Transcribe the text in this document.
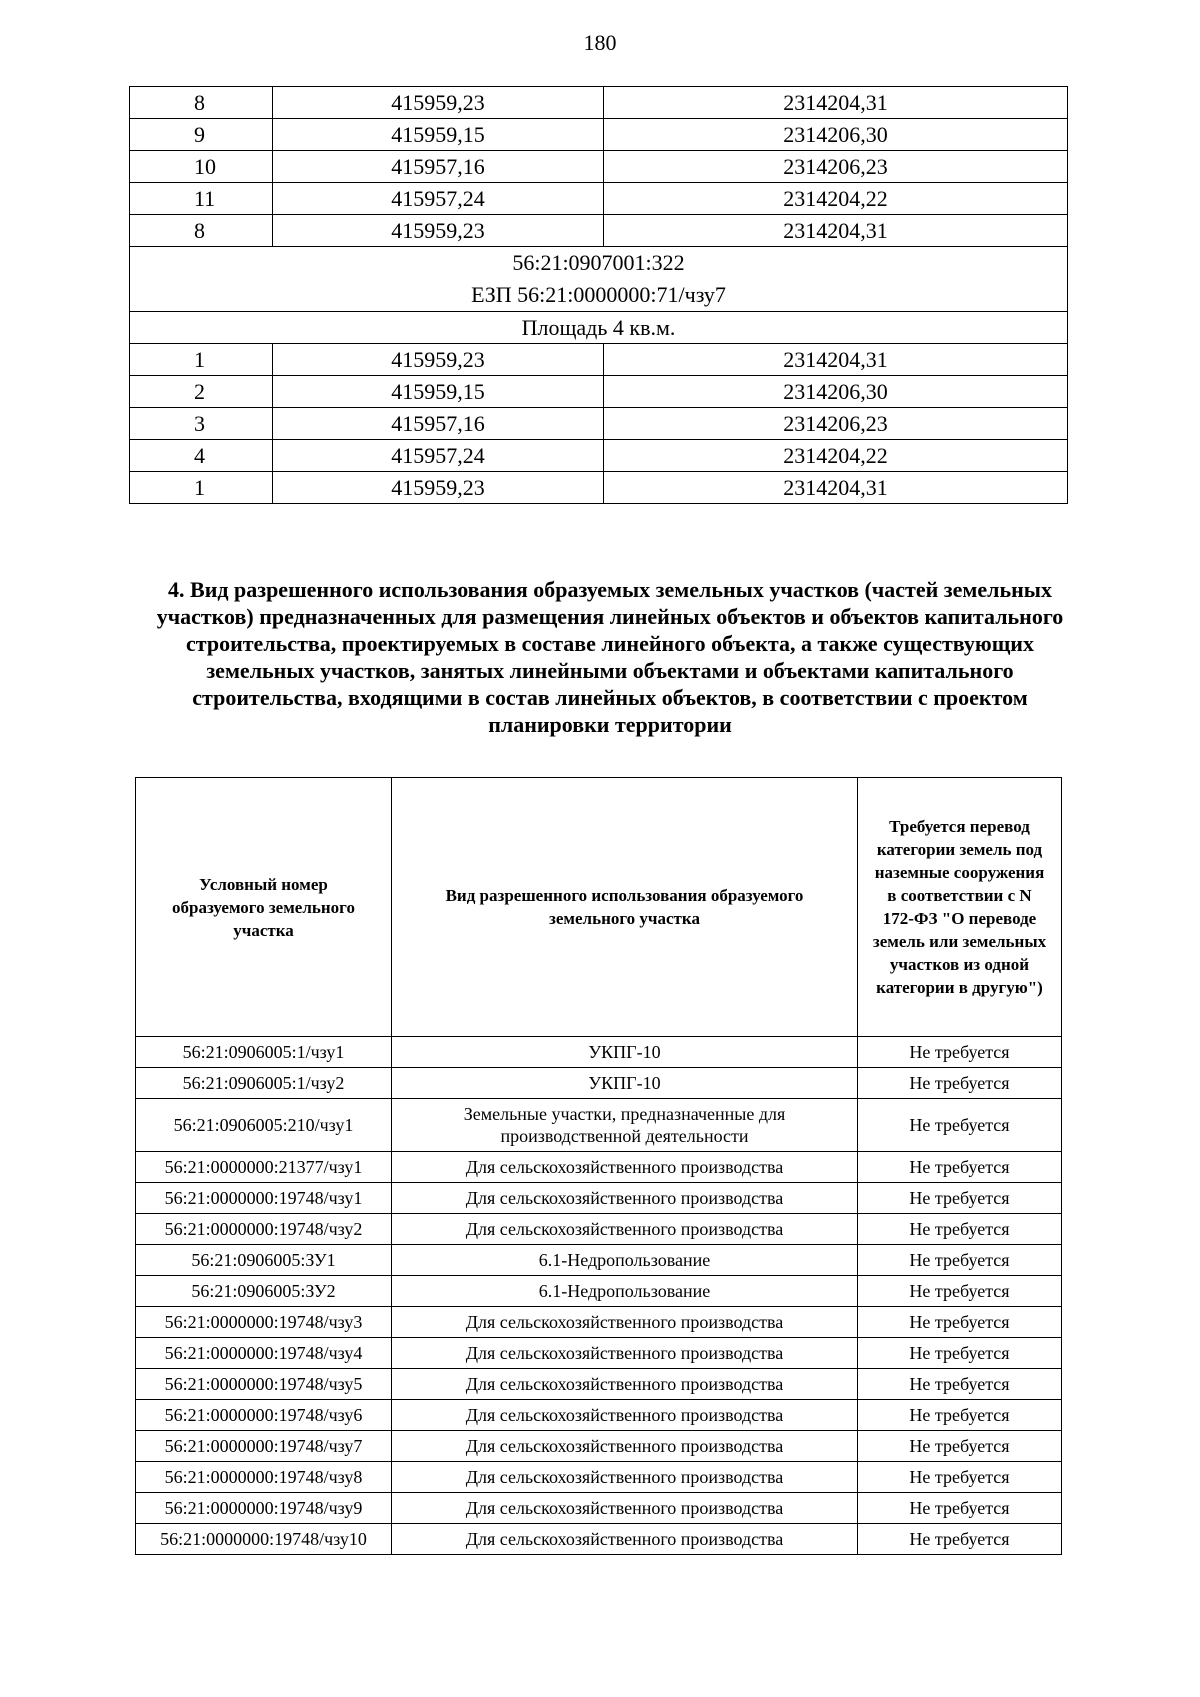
180
8	415959,23	2314204,31
9	415959,15	2314206,30
10	415957,16	2314206,23
11	415957,24	2314204,22
8	415959,23	2314204,31

56:21:0907001:322
ЕЗП 56:21:0000000:71/чзу7		

Площадь 4 кв.м.		
1	415959,23	2314204,31
2	415959,15	2314206,30
3	415957,16	2314206,23
4	415957,24	2314204,22
1	415959,23	2314204,31
4. Вид разрешенного использования образуемых земельных участков (частей земельных участков) предназначенных для размещения линейных объектов и объектов капитального строительства, проектируемых в составе линейного объекта, а также существующих земельных участков, занятых линейными объектами и объектами капитального строительства, входящими в состав линейных объектов, в соответствии с проектом планировки территории
Условный номер образуемого земельного участка	Вид разрешенного использования образуемого земельного участка	Требуется перевод категории земель под наземные сооружения в соответствии с N 172-ФЗ "О переводе земель или земельных участков из одной категории в другую")
56:21:0906005:1/чзу1	УКПГ-10	Не требуется
56:21:0906005:1/чзу2	УКПГ-10	Не требуется
56:21:0906005:210/чзу1	Земельные участки, предназначенные для производственной деятельности	Не требуется
56:21:0000000:21377/чзу1	Для сельскохозяйственного производства	Не требуется
56:21:0000000:19748/чзу1	Для сельскохозяйственного производства	Не требуется
56:21:0000000:19748/чзу2	Для сельскохозяйственного производства	Не требуется
56:21:0906005:ЗУ1	6.1-Недропользование	Не требуется
56:21:0906005:ЗУ2	6.1-Недропользование	Не требуется
56:21:0000000:19748/чзу3	Для сельскохозяйственного производства	Не требуется
56:21:0000000:19748/чзу4	Для сельскохозяйственного производства	Не требуется
56:21:0000000:19748/чзу5	Для сельскохозяйственного производства	Не требуется
56:21:0000000:19748/чзу6	Для сельскохозяйственного производства	Не требуется
56:21:0000000:19748/чзу7	Для сельскохозяйственного производства	Не требуется
56:21:0000000:19748/чзу8	Для сельскохозяйственного производства	Не требуется
56:21:0000000:19748/чзу9	Для сельскохозяйственного производства	Не требуется
56:21:0000000:19748/чзу10	Для сельскохозяйственного производства	Не требуется
